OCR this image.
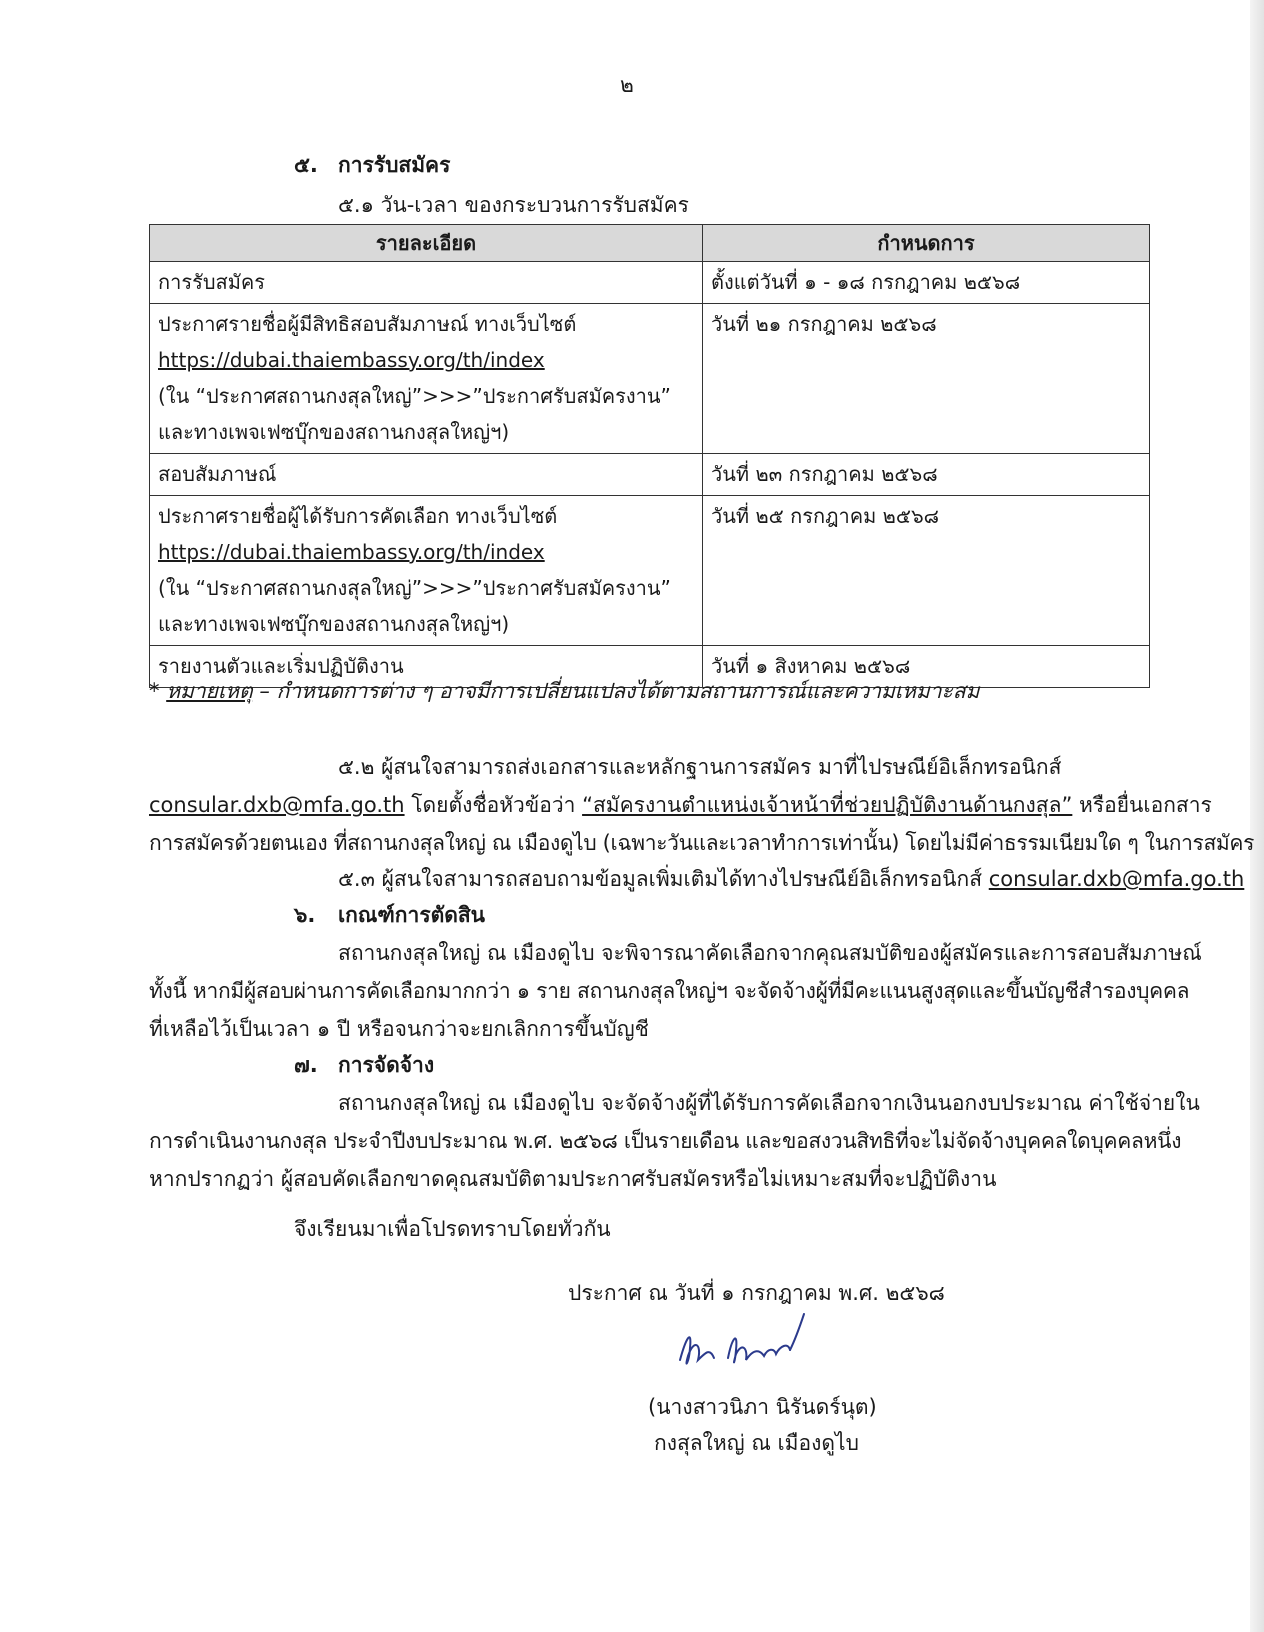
๒
๕. การรับสมัคร
๕.๑ วัน-เวลา ของกระบวนการรับสมัคร
รายละเอียด	กำหนดการ

การรับสมัคร	ตั้งแต่วันที่ ๑ - ๑๘ กรกฎาคม ๒๕๖๘

ประกาศรายชื่อผู้มีสิทธิสอบสัมภาษณ์ ทางเว็บไซต์
https://dubai.thaiembassy.org/th/index
(ใน “ประกาศสถานกงสุลใหญ่”>>>”ประกาศรับสมัครงาน”
และทางเพจเฟซบุ๊กของสถานกงสุลใหญ่ฯ)	วันที่ ๒๑ กรกฎาคม ๒๕๖๘

สอบสัมภาษณ์	วันที่ ๒๓ กรกฎาคม ๒๕๖๘

ประกาศรายชื่อผู้ได้รับการคัดเลือก ทางเว็บไซต์
https://dubai.thaiembassy.org/th/index
(ใน “ประกาศสถานกงสุลใหญ่”>>>”ประกาศรับสมัครงาน”
และทางเพจเฟซบุ๊กของสถานกงสุลใหญ่ฯ)	วันที่ ๒๕ กรกฎาคม ๒๕๖๘

รายงานตัวและเริ่มปฏิบัติงาน	วันที่ ๑ สิงหาคม ๒๕๖๘
* หมายเหตุ – กำหนดการต่าง ๆ อาจมีการเปลี่ยนแปลงได้ตามสถานการณ์และความเหมาะสม
๕.๒ ผู้สนใจสามารถส่งเอกสารและหลักฐานการสมัคร มาที่ไปรษณีย์อิเล็กทรอนิกส์
consular.dxb@mfa.go.th โดยตั้งชื่อหัวข้อว่า “สมัครงานตำแหน่งเจ้าหน้าที่ช่วยปฏิบัติงานด้านกงสุล” หรือยื่นเอกสาร
การสมัครด้วยตนเอง ที่สถานกงสุลใหญ่ ณ เมืองดูไบ (เฉพาะวันและเวลาทำการเท่านั้น) โดยไม่มีค่าธรรมเนียมใด ๆ ในการสมัคร
๕.๓ ผู้สนใจสามารถสอบถามข้อมูลเพิ่มเติมได้ทางไปรษณีย์อิเล็กทรอนิกส์ consular.dxb@mfa.go.th
๖. เกณฑ์การตัดสิน
สถานกงสุลใหญ่ ณ เมืองดูไบ จะพิจารณาคัดเลือกจากคุณสมบัติของผู้สมัครและการสอบสัมภาษณ์
ทั้งนี้ หากมีผู้สอบผ่านการคัดเลือกมากกว่า ๑ ราย สถานกงสุลใหญ่ฯ จะจัดจ้างผู้ที่มีคะแนนสูงสุดและขึ้นบัญชีสำรองบุคคล
ที่เหลือไว้เป็นเวลา ๑ ปี หรือจนกว่าจะยกเลิกการขึ้นบัญชี
๗. การจัดจ้าง
สถานกงสุลใหญ่ ณ เมืองดูไบ จะจัดจ้างผู้ที่ได้รับการคัดเลือกจากเงินนอกงบประมาณ ค่าใช้จ่ายใน
การดำเนินงานกงสุล ประจำปีงบประมาณ พ.ศ. ๒๕๖๘ เป็นรายเดือน และขอสงวนสิทธิที่จะไม่จัดจ้างบุคคลใดบุคคลหนึ่ง
หากปรากฏว่า ผู้สอบคัดเลือกขาดคุณสมบัติตามประกาศรับสมัครหรือไม่เหมาะสมที่จะปฏิบัติงาน
จึงเรียนมาเพื่อโปรดทราบโดยทั่วกัน
ประกาศ ณ วันที่ ๑ กรกฎาคม พ.ศ. ๒๕๖๘
(นางสาวนิภา นิรันดร์นุต)
กงสุลใหญ่ ณ เมืองดูไบ
